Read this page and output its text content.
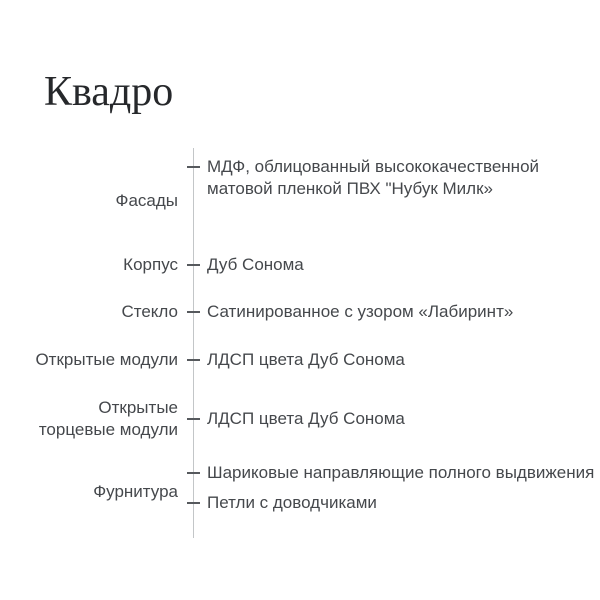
Квадро
Фасады
МДФ, облицованный высококачественной
матовой пленкой ПВХ "Нубук Милк»
Корпус Дуб Сонома
Стекло Сатинированное с узором «Лабиринт»
Открытые модули ЛДСП цвета Дуб Сонома
Открытые
торцевые модули
ЛДСП цвета Дуб Сонома
Фурнитура
Шариковые направляющие полного выдвижения
Петли с доводчиками
